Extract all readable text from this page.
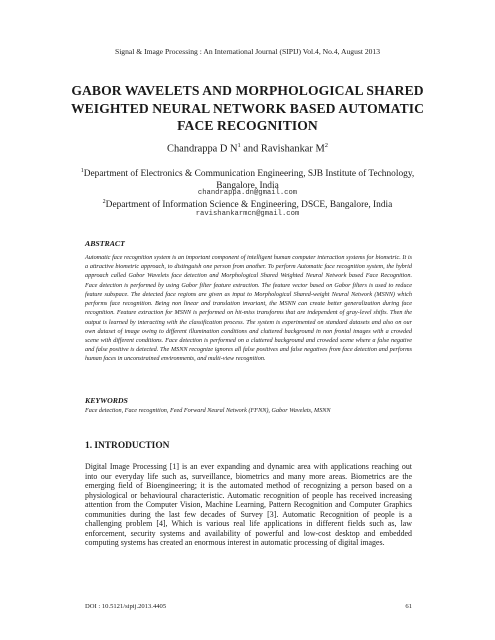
Signal & Image Processing : An International Journal (SIPIJ) Vol.4, No.4, August 2013
GABOR WAVELETS AND MORPHOLOGICAL SHARED
WEIGHTED NEURAL NETWORK BASED AUTOMATIC
FACE RECOGNITION
Chandrappa D $N^1$ and Ravishankar $M^2$
$^1$Department of Electronics & Communication Engineering, SJB Institute of Technology,
Bangalore, India
chandrappa.dn@gmail.com
$^2$Department of Information Science & Engineering, DSCE, Bangalore, India
ravishankarmcn@gmail.com
ABSTRACT
Automatic face recognition system is an important component of intelligent human computer interaction systems for biometric. It is a attractive biometric approach, to distinguish one person from another. To perform Automatic face recognition system, the hybrid approach called Gabor Wavelets face detection and Morphological Shared Weighted Neural Network based Face Recognition. Face detection is performed by using Gabor filter feature extraction. The feature vector based on Gabor filters is used to reduce feature subspace. The detected face regions are given as input to Morphological Shared-weight Neural Network (MSNN) which performs face recognition. Being non linear and translation invariant, the MSNN can create better generalization during face recognition. Feature extraction for MSNN is performed on hit-miss transforms that are independent of gray-level shifts. Then the output is learned by interacting with the classification process. The system is experimented on standard datasets and also on our own dataset of image owing to different illumination conditions and cluttered background in non frontal images with a crowded scene with different conditions. Face detection is performed on a cluttered background and crowded scene where a false negative and false positive is detected. The MSNN recognize ignores all false positives and false negatives from face detection and performs human faces in unconstrained environments, and multi-view recognition.
KEYWORDS
Face detection, Face recognition, Feed Forward Neural Network (FFNN), Gabor Wavelets, MSNN
1. INTRODUCTION
Digital Image Processing [1] is an ever expanding and dynamic area with applications reaching out into our everyday life such as, surveillance, biometrics and many more areas. Biometrics are the emerging field of Bioengineering; it is the automated method of recognizing a person based on a physiological or behavioural characteristic. Automatic recognition of people has received increasing attention from the Computer Vision, Machine Learning, Pattern Recognition and Computer Graphics communities during the last few decades of Survey [3]. Automatic Recognition of people is a challenging problem [4], Which is various real life applications in different fields such as, law enforcement, security systems and availability of powerful and low-cost desktop and embedded computing systems has created an enormous interest in automatic processing of digital images.
DOI : 10.5121/sipij.2013.4405	61
